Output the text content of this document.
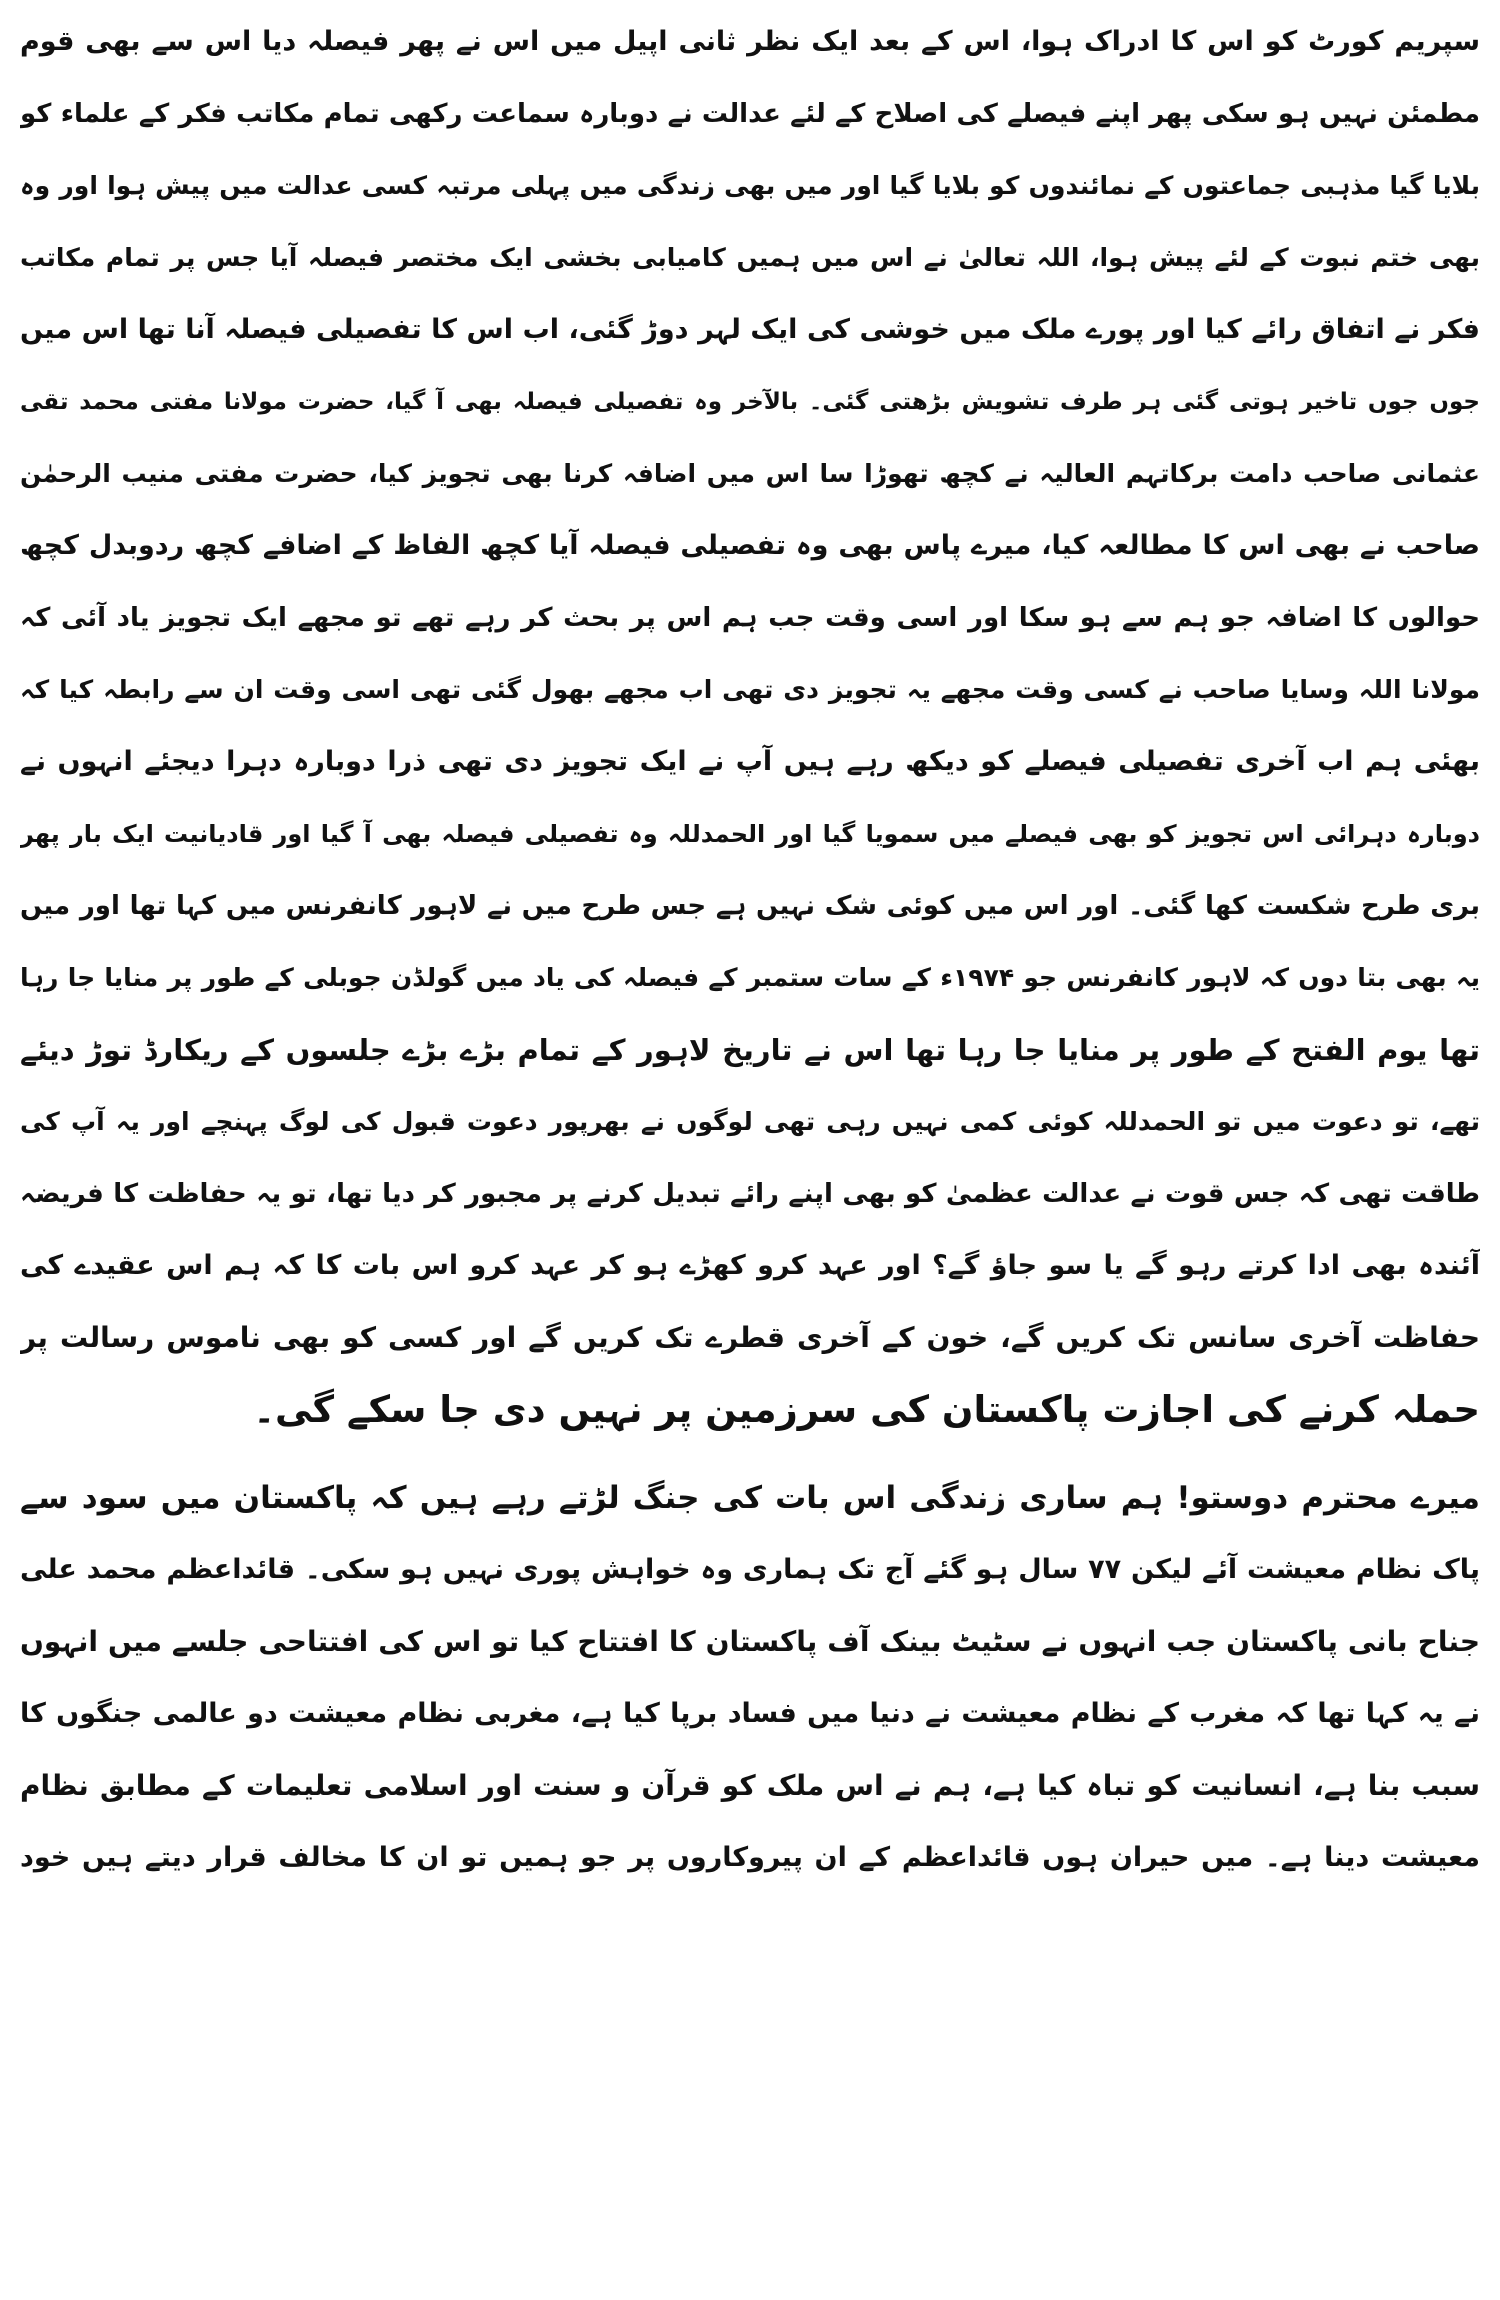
سپریم کورٹ کو اس کا ادراک ہوا، اس کے بعد ایک نظر ثانی اپیل میں اس نے پھر فیصلہ دیا اس سے بھی قوم
مطمئن نہیں ہو سکی پھر اپنے فیصلے کی اصلاح کے لئے عدالت نے دوبارہ سماعت رکھی تمام مکاتب فکر کے علماء کو
بلایا گیا مذہبی جماعتوں کے نمائندوں کو بلایا گیا اور میں بھی زندگی میں پہلی مرتبہ کسی عدالت میں پیش ہوا اور وہ
بھی ختم نبوت کے لئے پیش ہوا، اللہ تعالیٰ نے اس میں ہمیں کامیابی بخشی ایک مختصر فیصلہ آیا جس پر تمام مکاتب
فکر نے اتفاق رائے کیا اور پورے ملک میں خوشی کی ایک لہر دوڑ گئی، اب اس کا تفصیلی فیصلہ آنا تھا اس میں
جوں جوں تاخیر ہوتی گئی ہر طرف تشویش بڑھتی گئی۔ بالآخر وہ تفصیلی فیصلہ بھی آ گیا، حضرت مولانا مفتی محمد تقی
عثمانی صاحب دامت برکاتہم العالیہ نے کچھ تھوڑا سا اس میں اضافہ کرنا بھی تجویز کیا، حضرت مفتی منیب الرحمٰن
صاحب نے بھی اس کا مطالعہ کیا، میرے پاس بھی وہ تفصیلی فیصلہ آیا کچھ الفاظ کے اضافے کچھ ردوبدل کچھ
حوالوں کا اضافہ جو ہم سے ہو سکا اور اسی وقت جب ہم اس پر بحث کر رہے تھے تو مجھے ایک تجویز یاد آئی کہ
مولانا اللہ وسایا صاحب نے کسی وقت مجھے یہ تجویز دی تھی اب مجھے بھول گئی تھی اسی وقت ان سے رابطہ کیا کہ
بھئی ہم اب آخری تفصیلی فیصلے کو دیکھ رہے ہیں آپ نے ایک تجویز دی تھی ذرا دوبارہ دہرا دیجئے انہوں نے
دوبارہ دہرائی اس تجویز کو بھی فیصلے میں سمویا گیا اور الحمدللہ وہ تفصیلی فیصلہ بھی آ گیا اور قادیانیت ایک بار پھر
بری طرح شکست کھا گئی۔ اور اس میں کوئی شک نہیں ہے جس طرح میں نے لاہور کانفرنس میں کہا تھا اور میں
یہ بھی بتا دوں کہ لاہور کانفرنس جو ۱۹۷۴ء کے سات ستمبر کے فیصلہ کی یاد میں گولڈن جوبلی کے طور پر منایا جا رہا
تھا یوم الفتح کے طور پر منایا جا رہا تھا اس نے تاریخ لاہور کے تمام بڑے بڑے جلسوں کے ریکارڈ توڑ دیئے
تھے، تو دعوت میں تو الحمدللہ کوئی کمی نہیں رہی تھی لوگوں نے بھرپور دعوت قبول کی لوگ پہنچے اور یہ آپ کی
طاقت تھی کہ جس قوت نے عدالت عظمیٰ کو بھی اپنے رائے تبدیل کرنے پر مجبور کر دیا تھا، تو یہ حفاظت کا فریضہ
آئندہ بھی ادا کرتے رہو گے یا سو جاؤ گے؟ اور عہد کرو کھڑے ہو کر عہد کرو اس بات کا کہ ہم اس عقیدے کی
حفاظت آخری سانس تک کریں گے، خون کے آخری قطرے تک کریں گے اور کسی کو بھی ناموس رسالت پر
حملہ کرنے کی اجازت پاکستان کی سرزمین پر نہیں دی جا سکے گی۔
میرے محترم دوستو! ہم ساری زندگی اس بات کی جنگ لڑتے رہے ہیں کہ پاکستان میں سود سے
پاک نظام معیشت آئے لیکن ۷۷ سال ہو گئے آج تک ہماری وہ خواہش پوری نہیں ہو سکی۔ قائداعظم محمد علی
جناح بانی پاکستان جب انہوں نے سٹیٹ بینک آف پاکستان کا افتتاح کیا تو اس کی افتتاحی جلسے میں انہوں
نے یہ کہا تھا کہ مغرب کے نظام معیشت نے دنیا میں فساد برپا کیا ہے، مغربی نظام معیشت دو عالمی جنگوں کا
سبب بنا ہے، انسانیت کو تباہ کیا ہے، ہم نے اس ملک کو قرآن و سنت اور اسلامی تعلیمات کے مطابق نظام
معیشت دینا ہے۔ میں حیران ہوں قائداعظم کے ان پیروکاروں پر جو ہمیں تو ان کا مخالف قرار دیتے ہیں خود
